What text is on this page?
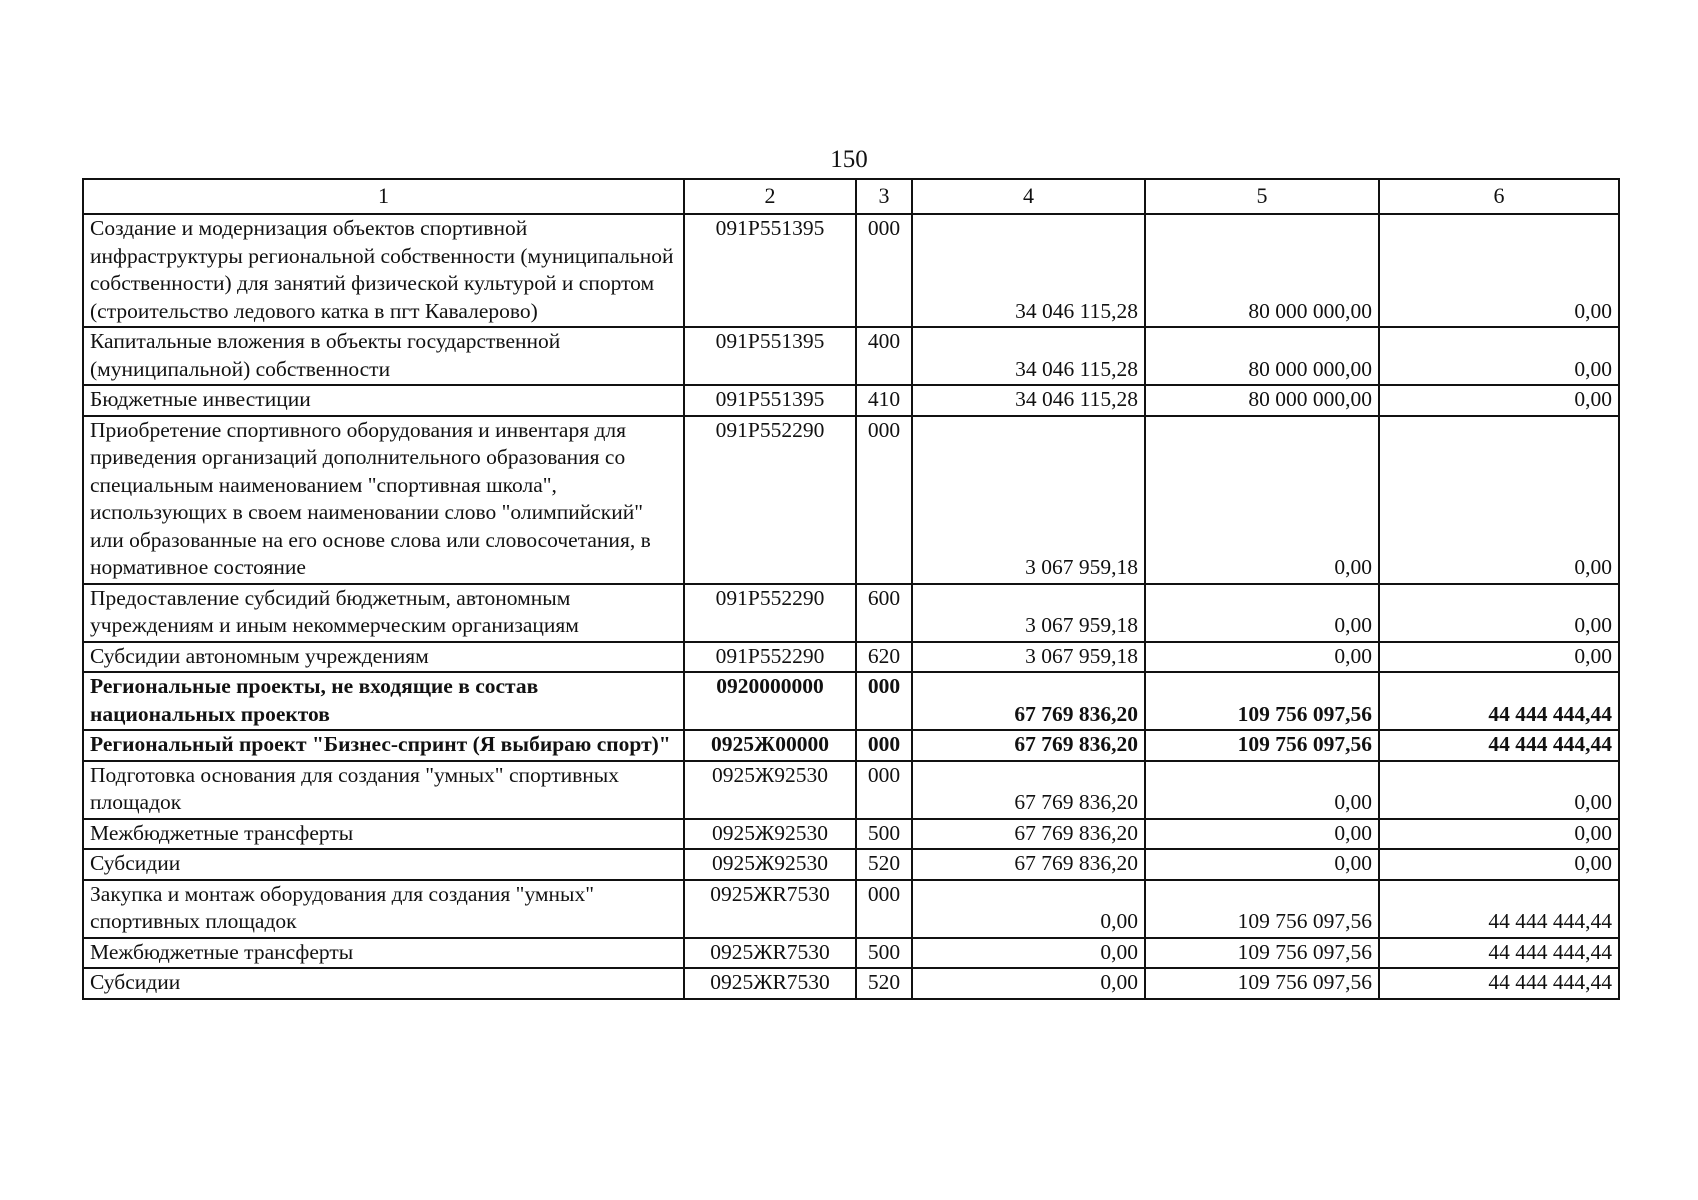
150
1	2	3	4	5	6
Создание и модернизация объектов спортивной инфраструктуры региональной собственности (муниципальной собственности) для занятий физической культурой и спортом (строительство ледового катка в пгт Кавалерово)	091Р551395	000	34 046 115,28	80 000 000,00	0,00
Капитальные вложения в объекты государственной (муниципальной) собственности	091Р551395	400	34 046 115,28	80 000 000,00	0,00
Бюджетные инвестиции	091Р551395	410	34 046 115,28	80 000 000,00	0,00
Приобретение спортивного оборудования и инвентаря для приведения организаций дополнительного образования со специальным наименованием "спортивная школа", использующих в своем наименовании слово "олимпийский" или образованные на его основе слова или словосочетания, в нормативное состояние	091Р552290	000	3 067 959,18	0,00	0,00
Предоставление субсидий бюджетным, автономным учреждениям и иным некоммерческим организациям	091Р552290	600	3 067 959,18	0,00	0,00
Субсидии автономным учреждениям	091Р552290	620	3 067 959,18	0,00	0,00
Региональные проекты, не входящие в состав национальных проектов	0920000000	000	67 769 836,20	109 756 097,56	44 444 444,44
Региональный проект "Бизнес-спринт (Я выбираю спорт)"	0925Ж00000	000	67 769 836,20	109 756 097,56	44 444 444,44
Подготовка основания для создания "умных" спортивных площадок	0925Ж92530	000	67 769 836,20	0,00	0,00
Межбюджетные трансферты	0925Ж92530	500	67 769 836,20	0,00	0,00
Субсидии	0925Ж92530	520	67 769 836,20	0,00	0,00
Закупка и монтаж оборудования для создания "умных" спортивных площадок	0925ЖR7530	000	0,00	109 756 097,56	44 444 444,44
Межбюджетные трансферты	0925ЖR7530	500	0,00	109 756 097,56	44 444 444,44
Субсидии	0925ЖR7530	520	0,00	109 756 097,56	44 444 444,44
